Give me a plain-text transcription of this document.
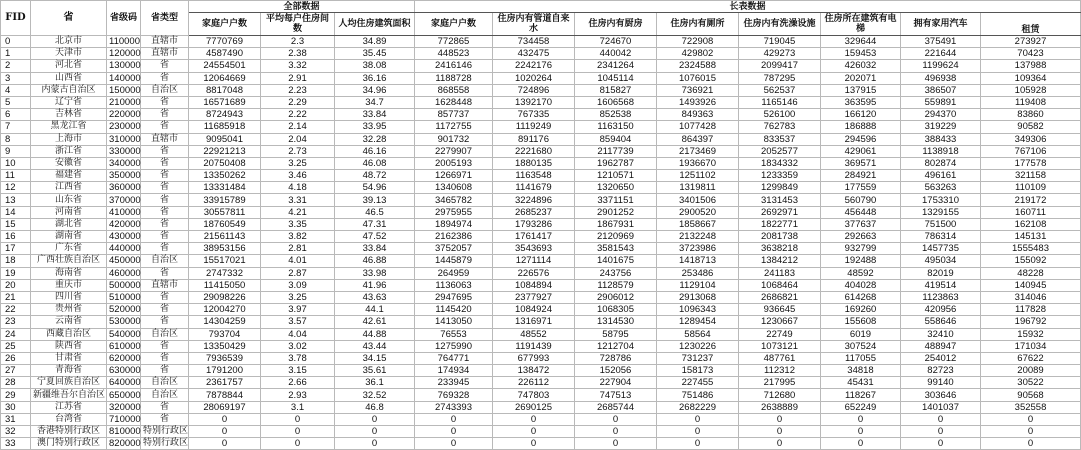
FID	省	省级码	省类型	全部数据			长表数据							
				家庭户户数	平均每户住房间数	人均住房建筑面积	家庭户户数	住房内有管道自来水	住房内有厨房	住房内有厕所	住房内有洗澡设施	住房所在建筑有电梯	拥有家用汽车	租赁
0	北京市	110000	直辖市	7770769	2.3	34.89	772865	734458	724670	722908	719045	329644	375491	273927
1	天津市	120000	直辖市	4587490	2.38	35.45	448523	432475	440042	429802	429273	159453	221644	70423
2	河北省	130000	省	24554501	3.32	38.08	2416146	2242176	2341264	2324588	2099417	426032	1199624	137988
3	山西省	140000	省	12064669	2.91	36.16	1188728	1020264	1045114	1076015	787295	202071	496938	109364
4	内蒙古自治区	150000	自治区	8817048	2.23	34.96	868558	724896	815827	736921	562537	137915	386507	105928
5	辽宁省	210000	省	16571689	2.29	34.7	1628448	1392170	1606568	1493926	1165146	363595	559891	119408
6	吉林省	220000	省	8724943	2.22	33.84	857737	767335	852538	849363	526100	166120	294370	83860
7	黑龙江省	230000	省	11685918	2.14	33.95	1172755	1119249	1163150	1077428	762783	186888	319229	90582
8	上海市	310000	直辖市	9095041	2.04	32.28	901732	891176	859404	864397	833537	294596	388433	349306
9	浙江省	330000	省	22921213	2.73	46.16	2279907	2221680	2117739	2173469	2052577	429061	1138918	767106
10	安徽省	340000	省	20750408	3.25	46.08	2005193	1880135	1962787	1936670	1834332	369571	802874	177578
11	福建省	350000	省	13350262	3.46	48.72	1266971	1163548	1210571	1251102	1233359	284921	496161	321158
12	江西省	360000	省	13331484	4.18	54.96	1340608	1141679	1320650	1319811	1299849	177559	563263	110109
13	山东省	370000	省	33915789	3.31	39.13	3465782	3224896	3371151	3401506	3131453	560790	1753310	219172
14	河南省	410000	省	30557811	4.21	46.5	2975955	2685237	2901252	2900520	2692971	456448	1329155	160711
15	湖北省	420000	省	18760549	3.35	47.31	1894974	1793286	1867931	1858667	1822771	377637	751500	162108
16	湖南省	430000	省	21561143	3.82	47.52	2162386	1761417	2120969	2132248	2081738	292663	786314	145131
17	广东省	440000	省	38953156	2.81	33.84	3752057	3543693	3581543	3723986	3638218	932799	1457735	1555483
18	广西壮族自治区	450000	自治区	15517021	4.01	46.88	1445879	1271114	1401675	1418713	1384212	192488	495034	155092
19	海南省	460000	省	2747332	2.87	33.98	264959	226576	243756	253486	241183	48592	82019	48228
20	重庆市	500000	直辖市	11415050	3.09	41.96	1136063	1084894	1128579	1129104	1068464	404028	419514	140945
21	四川省	510000	省	29098226	3.25	43.63	2947695	2377927	2906012	2913068	2686821	614268	1123863	314046
22	贵州省	520000	省	12004270	3.97	44.1	1145420	1084924	1068305	1096343	936645	169260	420956	117828
23	云南省	530000	省	14304259	3.57	42.61	1413050	1316971	1314530	1289454	1230667	155608	558646	196792
24	西藏自治区	540000	自治区	793704	4.04	44.88	76553	48552	58795	58564	22749	6019	32410	15932
25	陕西省	610000	省	13350429	3.02	43.44	1275990	1191439	1212704	1230226	1073121	307524	488947	171034
26	甘肃省	620000	省	7936539	3.78	34.15	764771	677993	728786	731237	487761	117055	254012	67622
27	青海省	630000	省	1791200	3.15	35.61	174934	138472	152056	158173	112312	34818	82723	20089
28	宁夏回族自治区	640000	自治区	2361757	2.66	36.1	233945	226112	227904	227455	217995	45431	99140	30522
29	新疆维吾尔自治区	650000	自治区	7878844	2.93	32.52	769328	747803	747513	751486	712680	118267	303646	90568
30	江苏省	320000	省	28069197	3.1	46.8	2743393	2690125	2685744	2682229	2638889	652249	1401037	352558
31	台湾省	710000	省	0	0	0	0	0	0	0	0	0	0	0
32	香港特别行政区	810000	特别行政区	0	0	0	0	0	0	0	0	0	0	0
33	澳门特别行政区	820000	特别行政区	0	0	0	0	0	0	0	0	0	0	0
